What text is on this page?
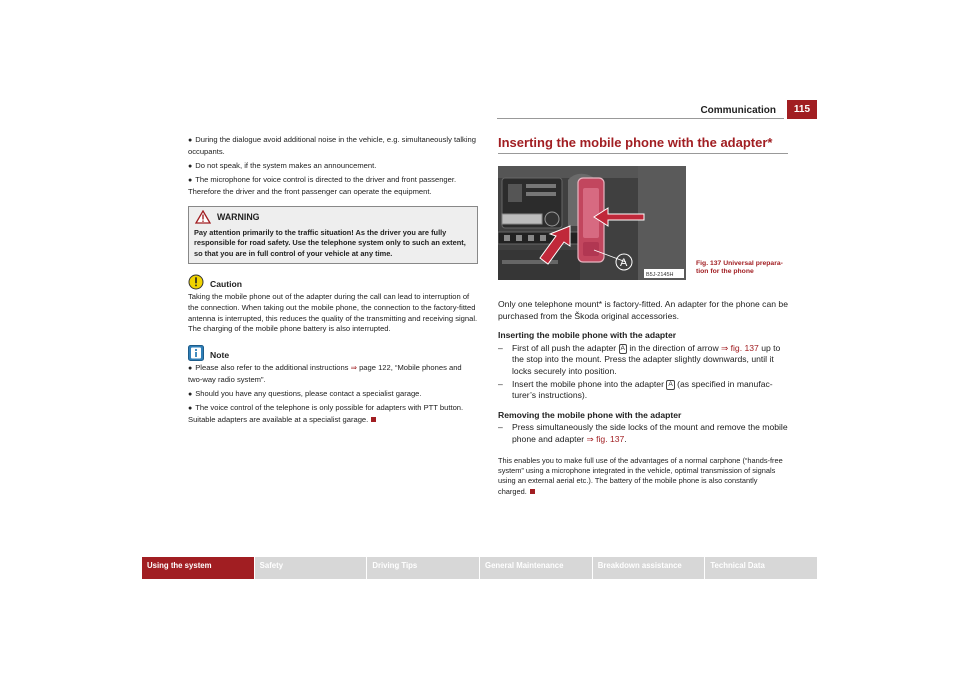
Communication	115
● During the dialogue avoid additional noise in the vehicle, e.g. simultaneously talking occupants.
● Do not speak, if the system makes an announcement.
● The microphone for voice control is directed to the driver and front passenger. Therefore the driver and the front passenger can operate the equipment.
WARNING
Pay attention primarily to the traffic situation! As the driver you are fully responsible for road safety. Use the telephone system only to such an extent, so that you are in full control of your vehicle at any time.
Caution
Taking the mobile phone out of the adapter during the call can lead to interruption of the connection. When taking out the mobile phone, the connection to the factory-fitted antenna is interrupted, this reduces the quality of the transmitting and receiving signal. The charging of the mobile phone battery is also interrupted.
Note
● Please also refer to the additional instructions ⇒ page 122, “Mobile phones and two-way radio system”.
● Should you have any questions, please contact a specialist garage.
● The voice control of the telephone is only possible for adapters with PTT button. Suitable adapters are available at a specialist garage.
Inserting the mobile phone with the adapter*
A
B5J-2145H
Fig. 137 Universal prepara- tion for the phone
Only one telephone mount* is factory-fitted. An adapter for the phone can be purchased from the Škoda original accessories.
Inserting the mobile phone with the adapter
–	First of all push the adapter A in the direction of arrow ⇒ fig. 137 up to the stop into the mount. Press the adapter slightly downwards, until it locks securely into position.
–	Insert the mobile phone into the adapter A (as specified in manufac- turer’s instructions).
Removing the mobile phone with the adapter
–	Press simultaneously the side locks of the mount and remove the mobile phone and adapter ⇒ fig. 137.
This enables you to make full use of the advantages of a normal carphone (“hands-free system” using a microphone integrated in the vehicle, optimal transmission of signals using an external aerial etc.). The battery of the mobile phone is also constantly charged.
Using the system	Safety	Driving Tips	General Maintenance	Breakdown assistance	Technical Data
